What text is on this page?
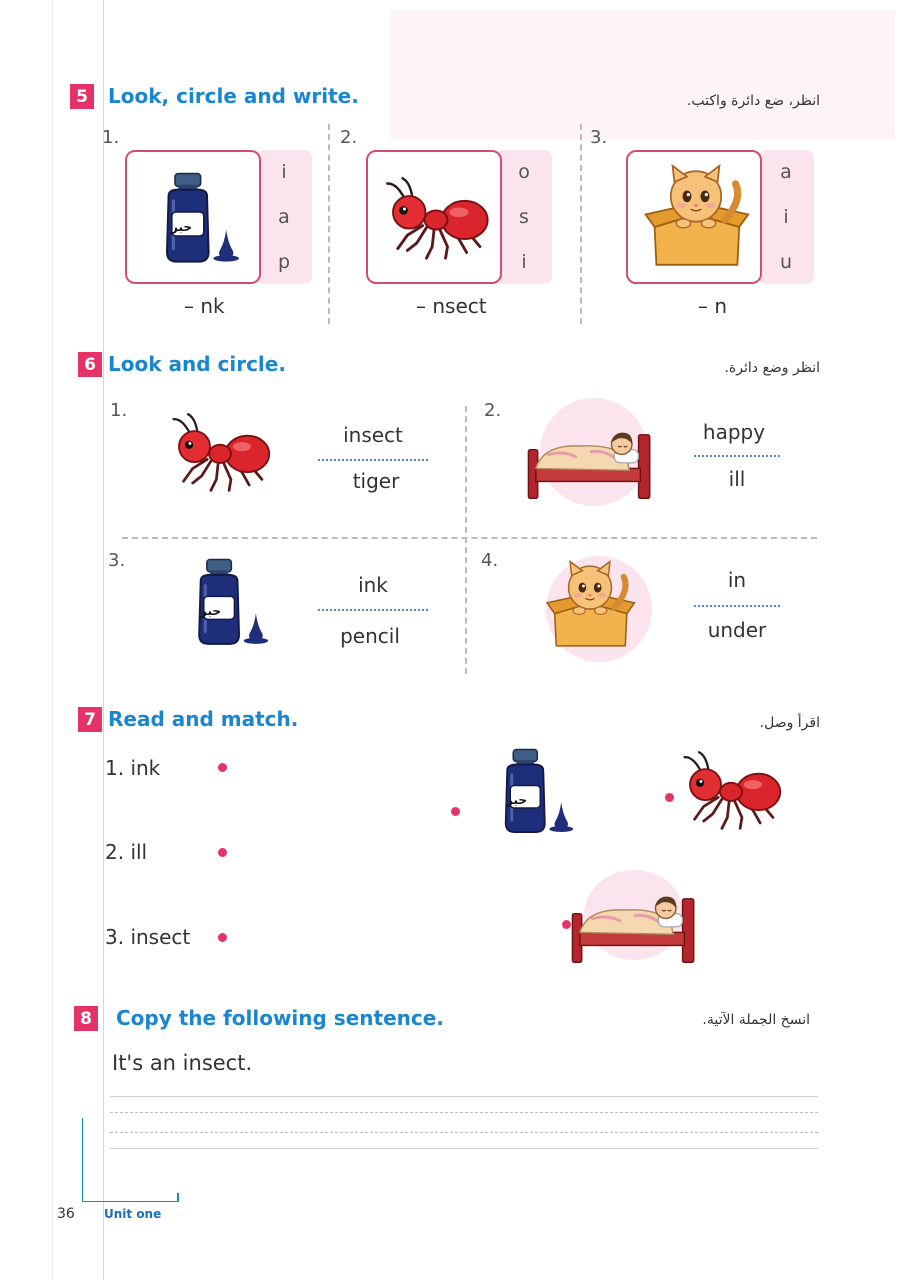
5	Look, circle and write.	انظر، ضع دائرة واكتب.
1.
i
a
p
حبر
– nk
2.
o
s
i
– nsect
3.
a
i
u
– n
6 Look and circle.	انظر وضع دائرة.
1.
insect
tiger
2.
happy
ill
3.
حبر
ink
pencil
4.
in
under
7 Read and match.	اقرأ وصل.
1. ink
2. ill
3. insect
حبر
8	Copy the following sentence.	انسخ الجملة الآتية.
It's an insect.
36 Unit one
